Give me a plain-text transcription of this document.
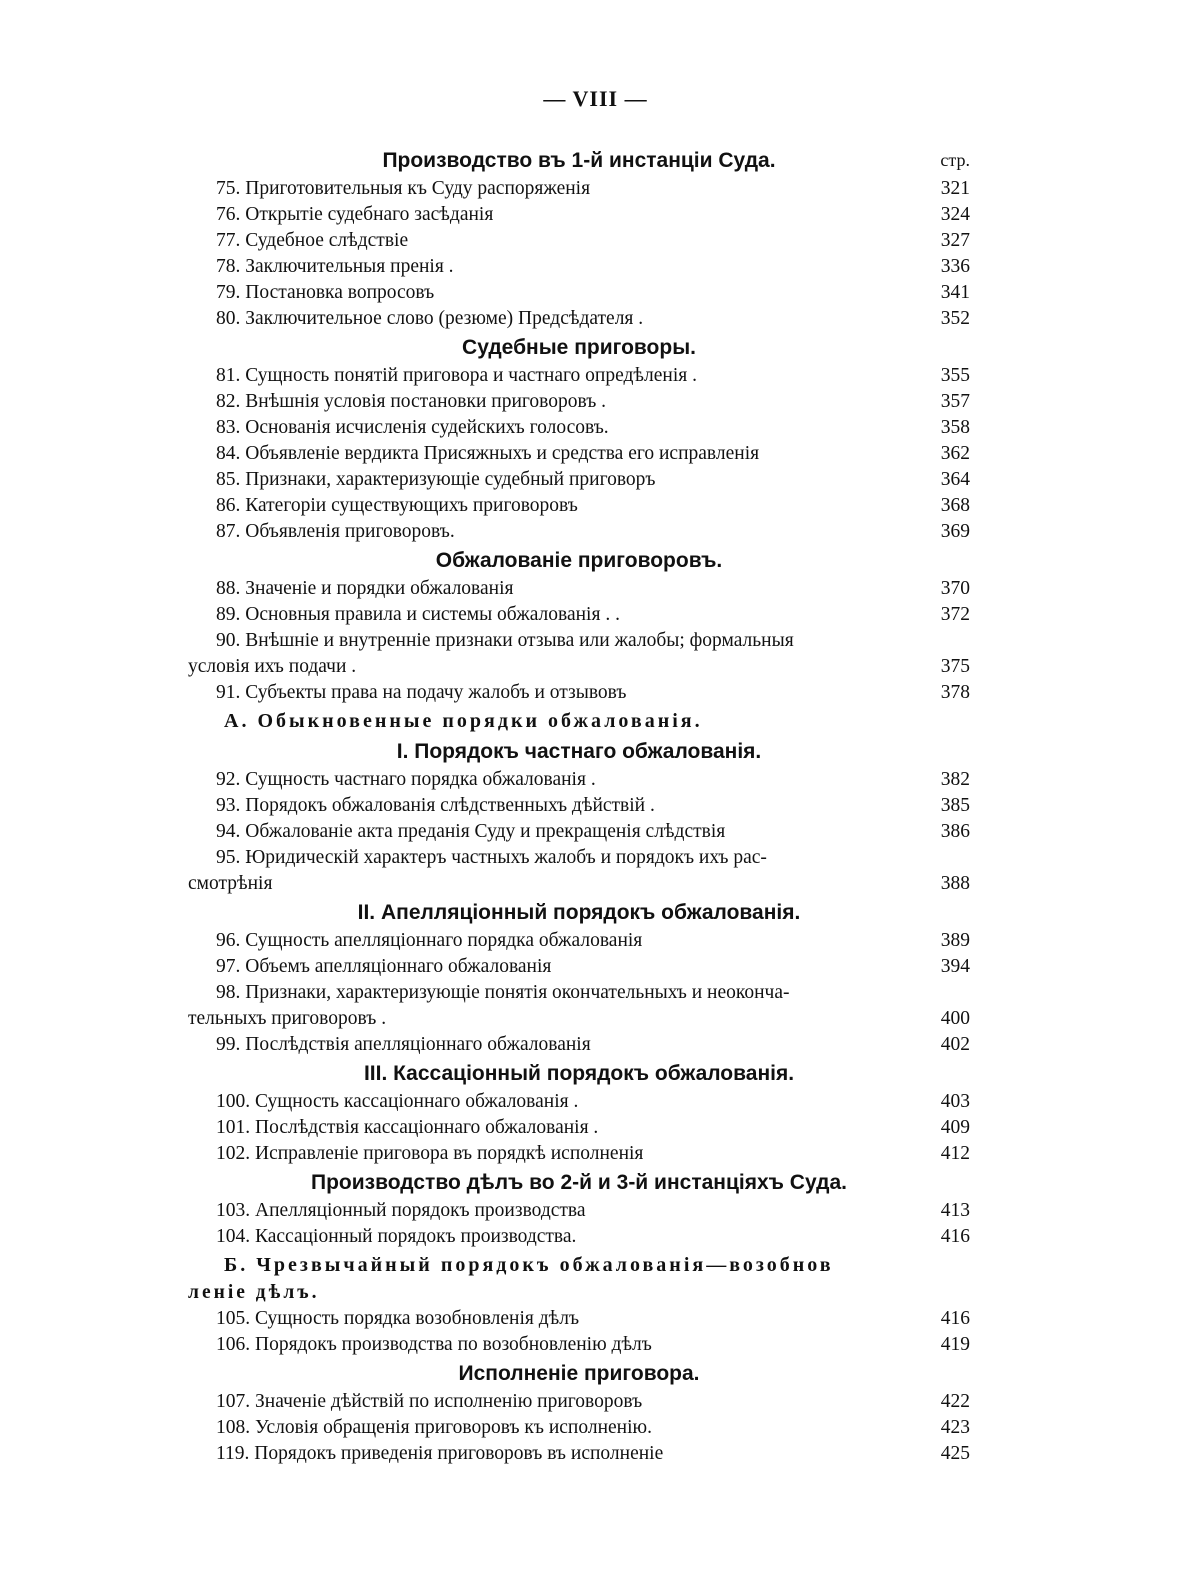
— VIII —
Производство въ 1-й инстанціи Суда.	стр.
75. Приготовительныя къ Суду распоряженія	321
76. Открытіе судебнаго засѣданія	324
77. Судебное слѣдствіе	327
78. Заключительныя пренія .	336
79. Постановка вопросовъ	341
80. Заключительное слово (резюме) Предсѣдателя .	352
Судебные приговоры.
81. Сущность понятій приговора и частнаго опредѣленія .	355
82. Внѣшнія условія постановки приговоровъ .	357
83. Основанія исчисленія судейскихъ голосовъ.	358
84. Объявленіе вердикта Присяжныхъ и средства его исправленія	362
85. Признаки, характеризующіе судебный приговоръ	364
86. Категоріи существующихъ приговоровъ	368
87. Объявленія приговоровъ.	369
Обжалованіе приговоровъ.
88. Значеніе и порядки обжалованія	370
89. Основныя правила и системы обжалованія . .	372
90. Внѣшніе и внутренніе признаки отзыва или жалобы; формальныя
условія ихъ подачи .	375
91. Субъекты права на подачу жалобъ и отзывовъ	378
А. Обыкновенные порядки обжалованія.
I. Порядокъ частнаго обжалованія.
92. Сущность частнаго порядка обжалованія .	382
93. Порядокъ обжалованія слѣдственныхъ дѣйствій .	385
94. Обжалованіе акта преданія Суду и прекращенія слѣдствія	386
95. Юридическій характеръ частныхъ жалобъ и порядокъ ихъ рас-
смотрѣнія	388
II. Апелляціонный порядокъ обжалованія.
96. Сущность апелляціоннаго порядка обжалованія	389
97. Объемъ апелляціоннаго обжалованія	394
98. Признаки, характеризующіе понятія окончательныхъ и неокончa-
тельныхъ приговоровъ .	400
99. Послѣдствія апелляціоннаго обжалованія	402
III. Кассаціонный порядокъ обжалованія.
100. Сущность кассаціоннаго обжалованія .	403
101. Послѣдствія кассаціоннаго обжалованія .	409
102. Исправленіе приговора въ порядкѣ исполненія	412
Производство дѣлъ во 2-й и 3-й инстанціяхъ Суда.
103. Апелляціонный порядокъ производства	413
104. Кассаціонный порядокъ производства.	416
Б. Чрезвычайный порядокъ обжалованія—возобнов
леніе дѣлъ.
105. Сущность порядка возобновленія дѣлъ	416
106. Порядокъ производства по возобновленію дѣлъ	419
Исполненіе приговора.
107. Значеніе дѣйствій по исполненію приговоровъ	422
108. Условія обращенія приговоровъ къ исполненію.	423
119. Порядокъ приведенія приговоровъ въ исполненіе	425
